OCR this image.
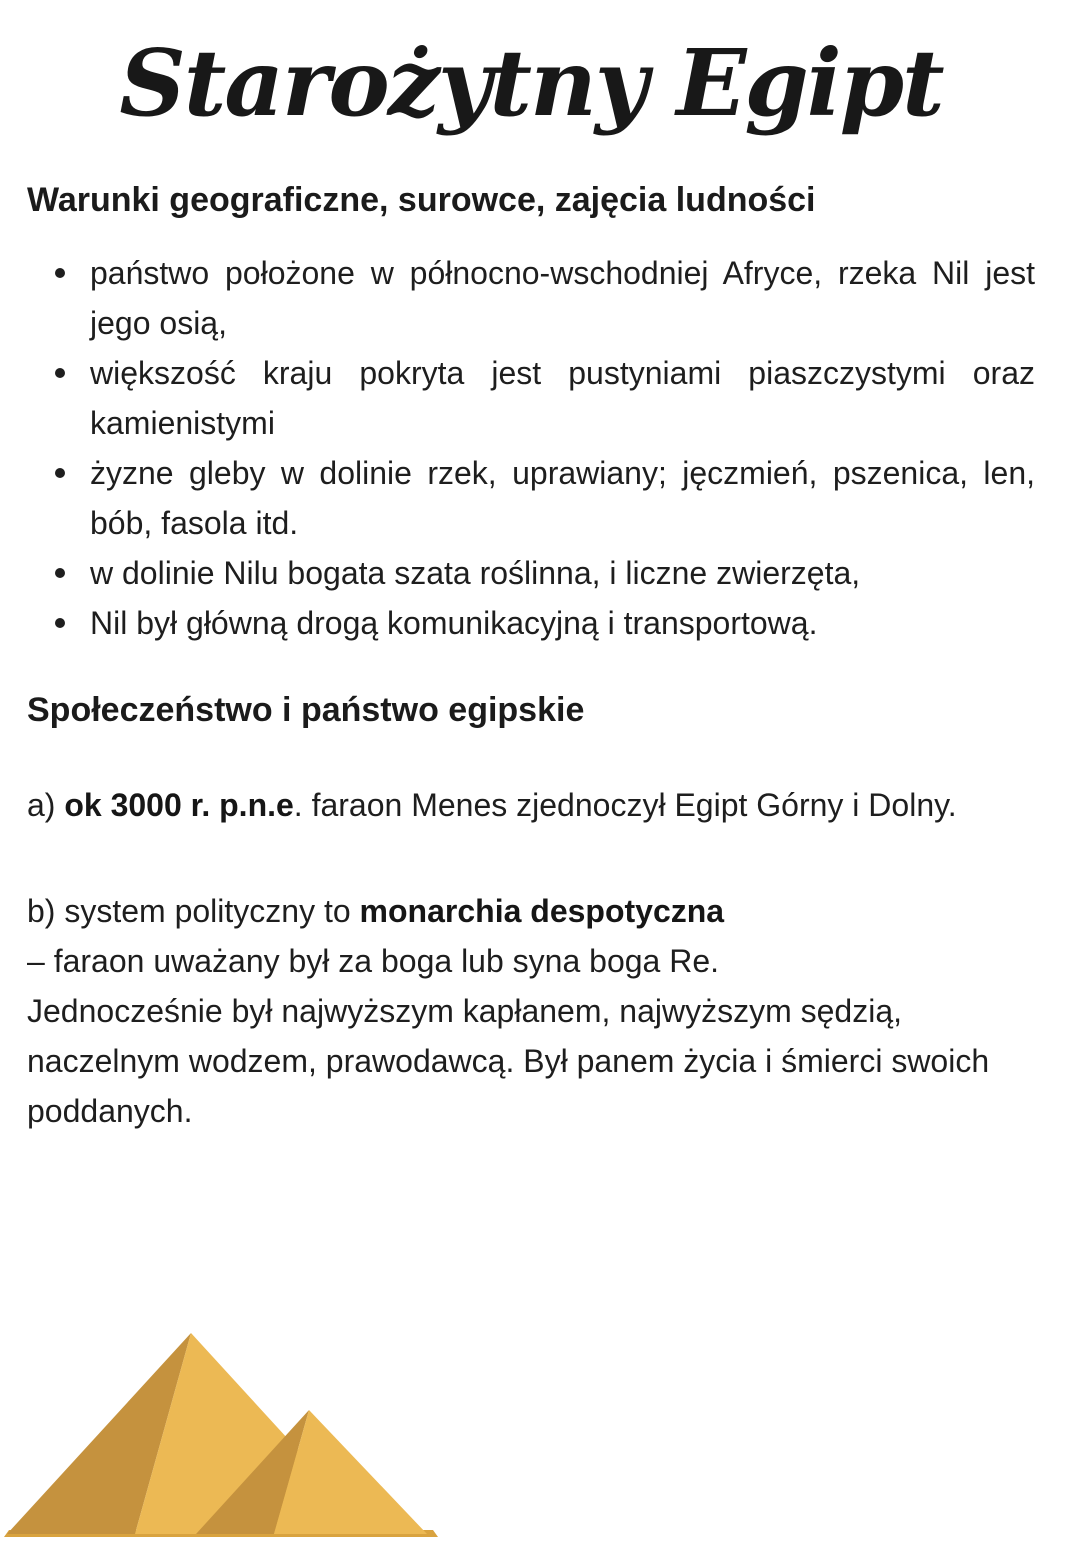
Starożytny Egipt
Warunki geograficzne, surowce, zajęcia ludności
państwo położone w północno-wschodniej Afryce, rzeka Nil jest jego osią,
większość kraju pokryta jest pustyniami piaszczystymi oraz kamienistymi
żyzne gleby w dolinie rzek, uprawiany; jęczmień, pszenica, len, bób, fasola itd.
w dolinie Nilu bogata szata roślinna, i liczne zwierzęta,
Nil był główną drogą komunikacyjną i transportową.
Społeczeństwo i państwo egipskie

a) ok 3000 r. p.n.e. faraon Menes zjednoczył Egipt Górny i Dolny.

b) system polityczny to monarchia despotyczna
– faraon uważany był za boga lub syna boga Re.
Jednocześnie był najwyższym kapłanem, najwyższym sędzią, naczelnym wodzem, prawodawcą. Był panem życia i śmierci swoich poddanych.
